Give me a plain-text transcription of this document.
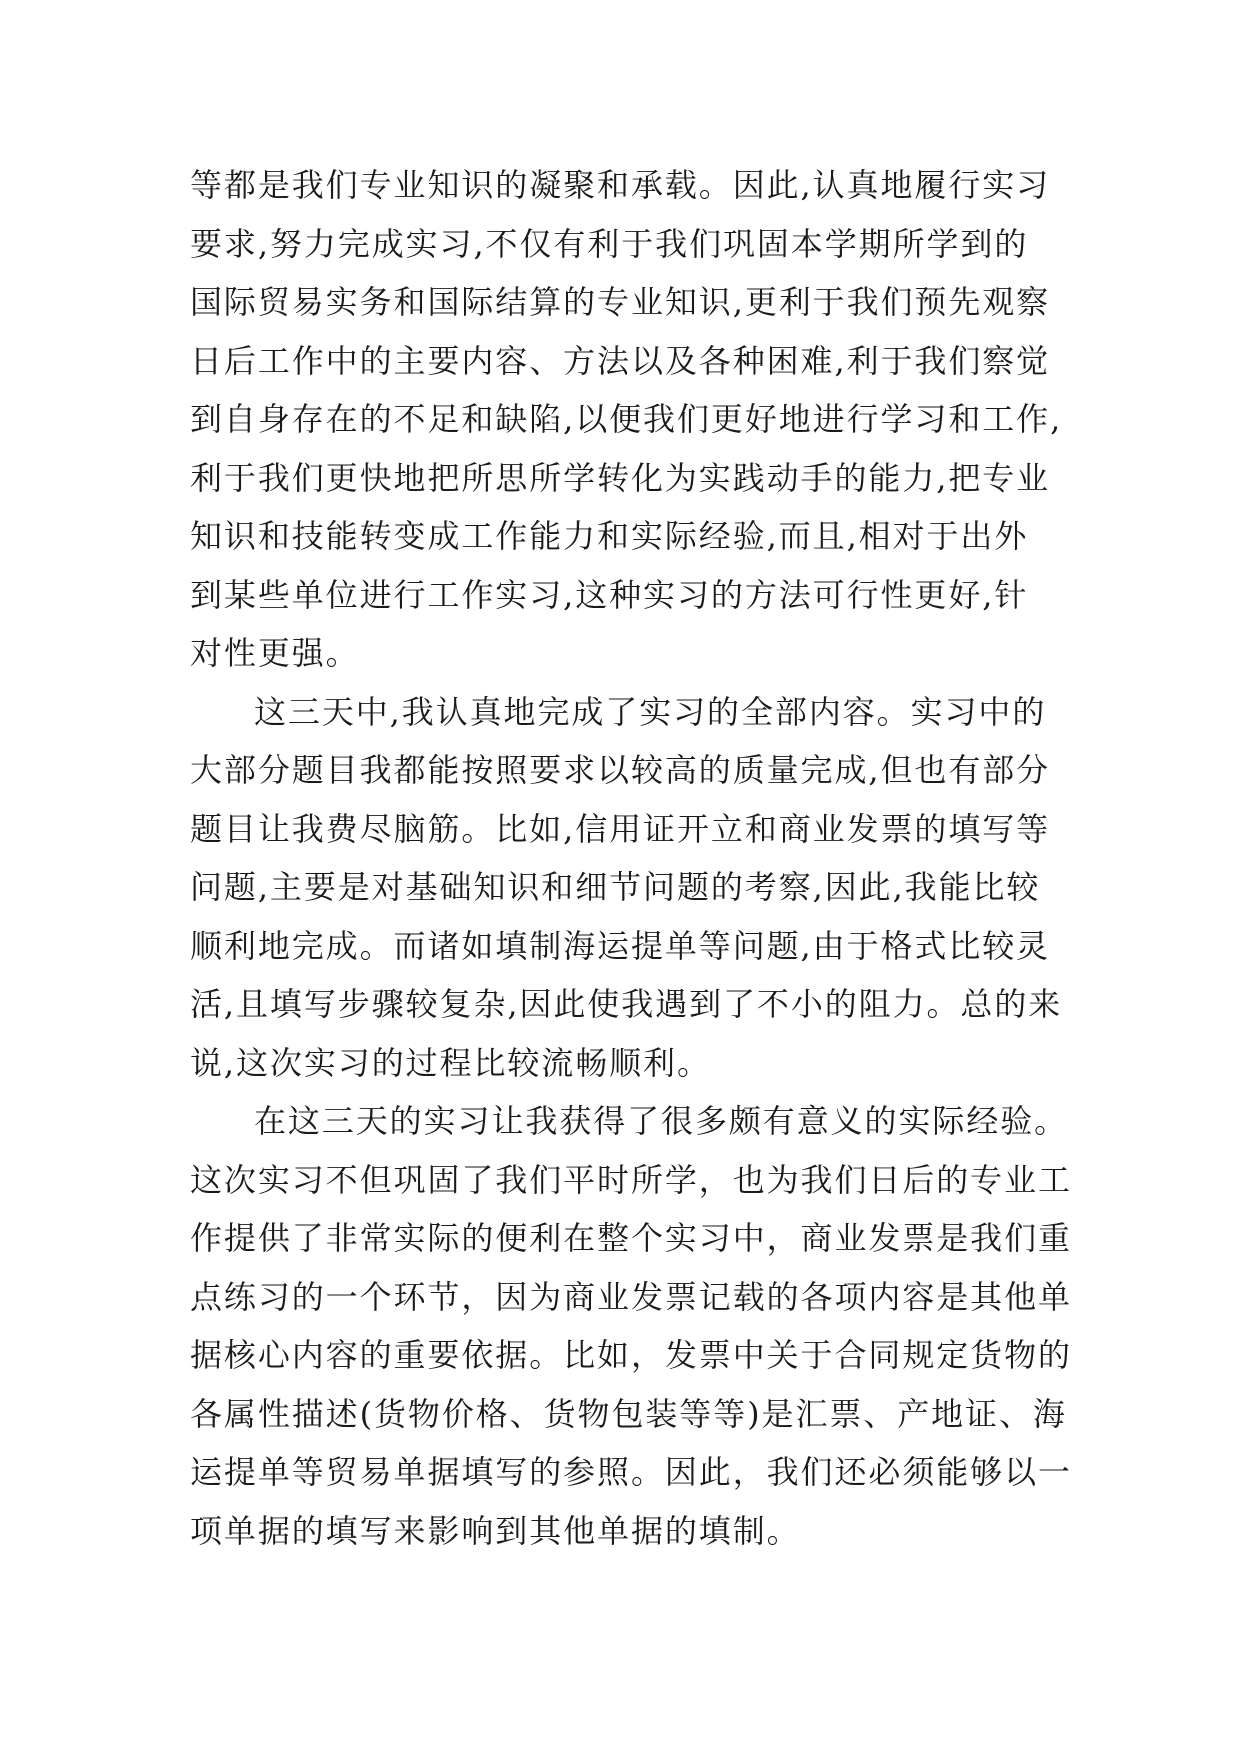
等都是我们专业知识的凝聚和承载。因此,认真地履行实习

要求,努力完成实习,不仅有利于我们巩固本学期所学到的

国际贸易实务和国际结算的专业知识,更利于我们预先观察

日后工作中的主要内容、方法以及各种困难,利于我们察觉

到自身存在的不足和缺陷,以便我们更好地进行学习和工作,

利于我们更快地把所思所学转化为实践动手的能力,把专业

知识和技能转变成工作能力和实际经验,而且,相对于出外

到某些单位进行工作实习,这种实习的方法可行性更好,针

对性更强。

这三天中,我认真地完成了实习的全部内容。实习中的

大部分题目我都能按照要求以较高的质量完成,但也有部分

题目让我费尽脑筋。比如,信用证开立和商业发票的填写等

问题,主要是对基础知识和细节问题的考察,因此,我能比较

顺利地完成。而诸如填制海运提单等问题,由于格式比较灵

活,且填写步骤较复杂,因此使我遇到了不小的阻力。总的来

说,这次实习的过程比较流畅顺利。

在这三天的实习让我获得了很多颇有意义的实际经验。

这次实习不但巩固了我们平时所学，也为我们日后的专业工

作提供了非常实际的便利在整个实习中，商业发票是我们重

点练习的一个环节，因为商业发票记载的各项内容是其他单

据核心内容的重要依据。比如，发票中关于合同规定货物的

各属性描述(货物价格、货物包装等等)是汇票、产地证、海

运提单等贸易单据填写的参照。因此，我们还必须能够以一

项单据的填写来影响到其他单据的填制。
